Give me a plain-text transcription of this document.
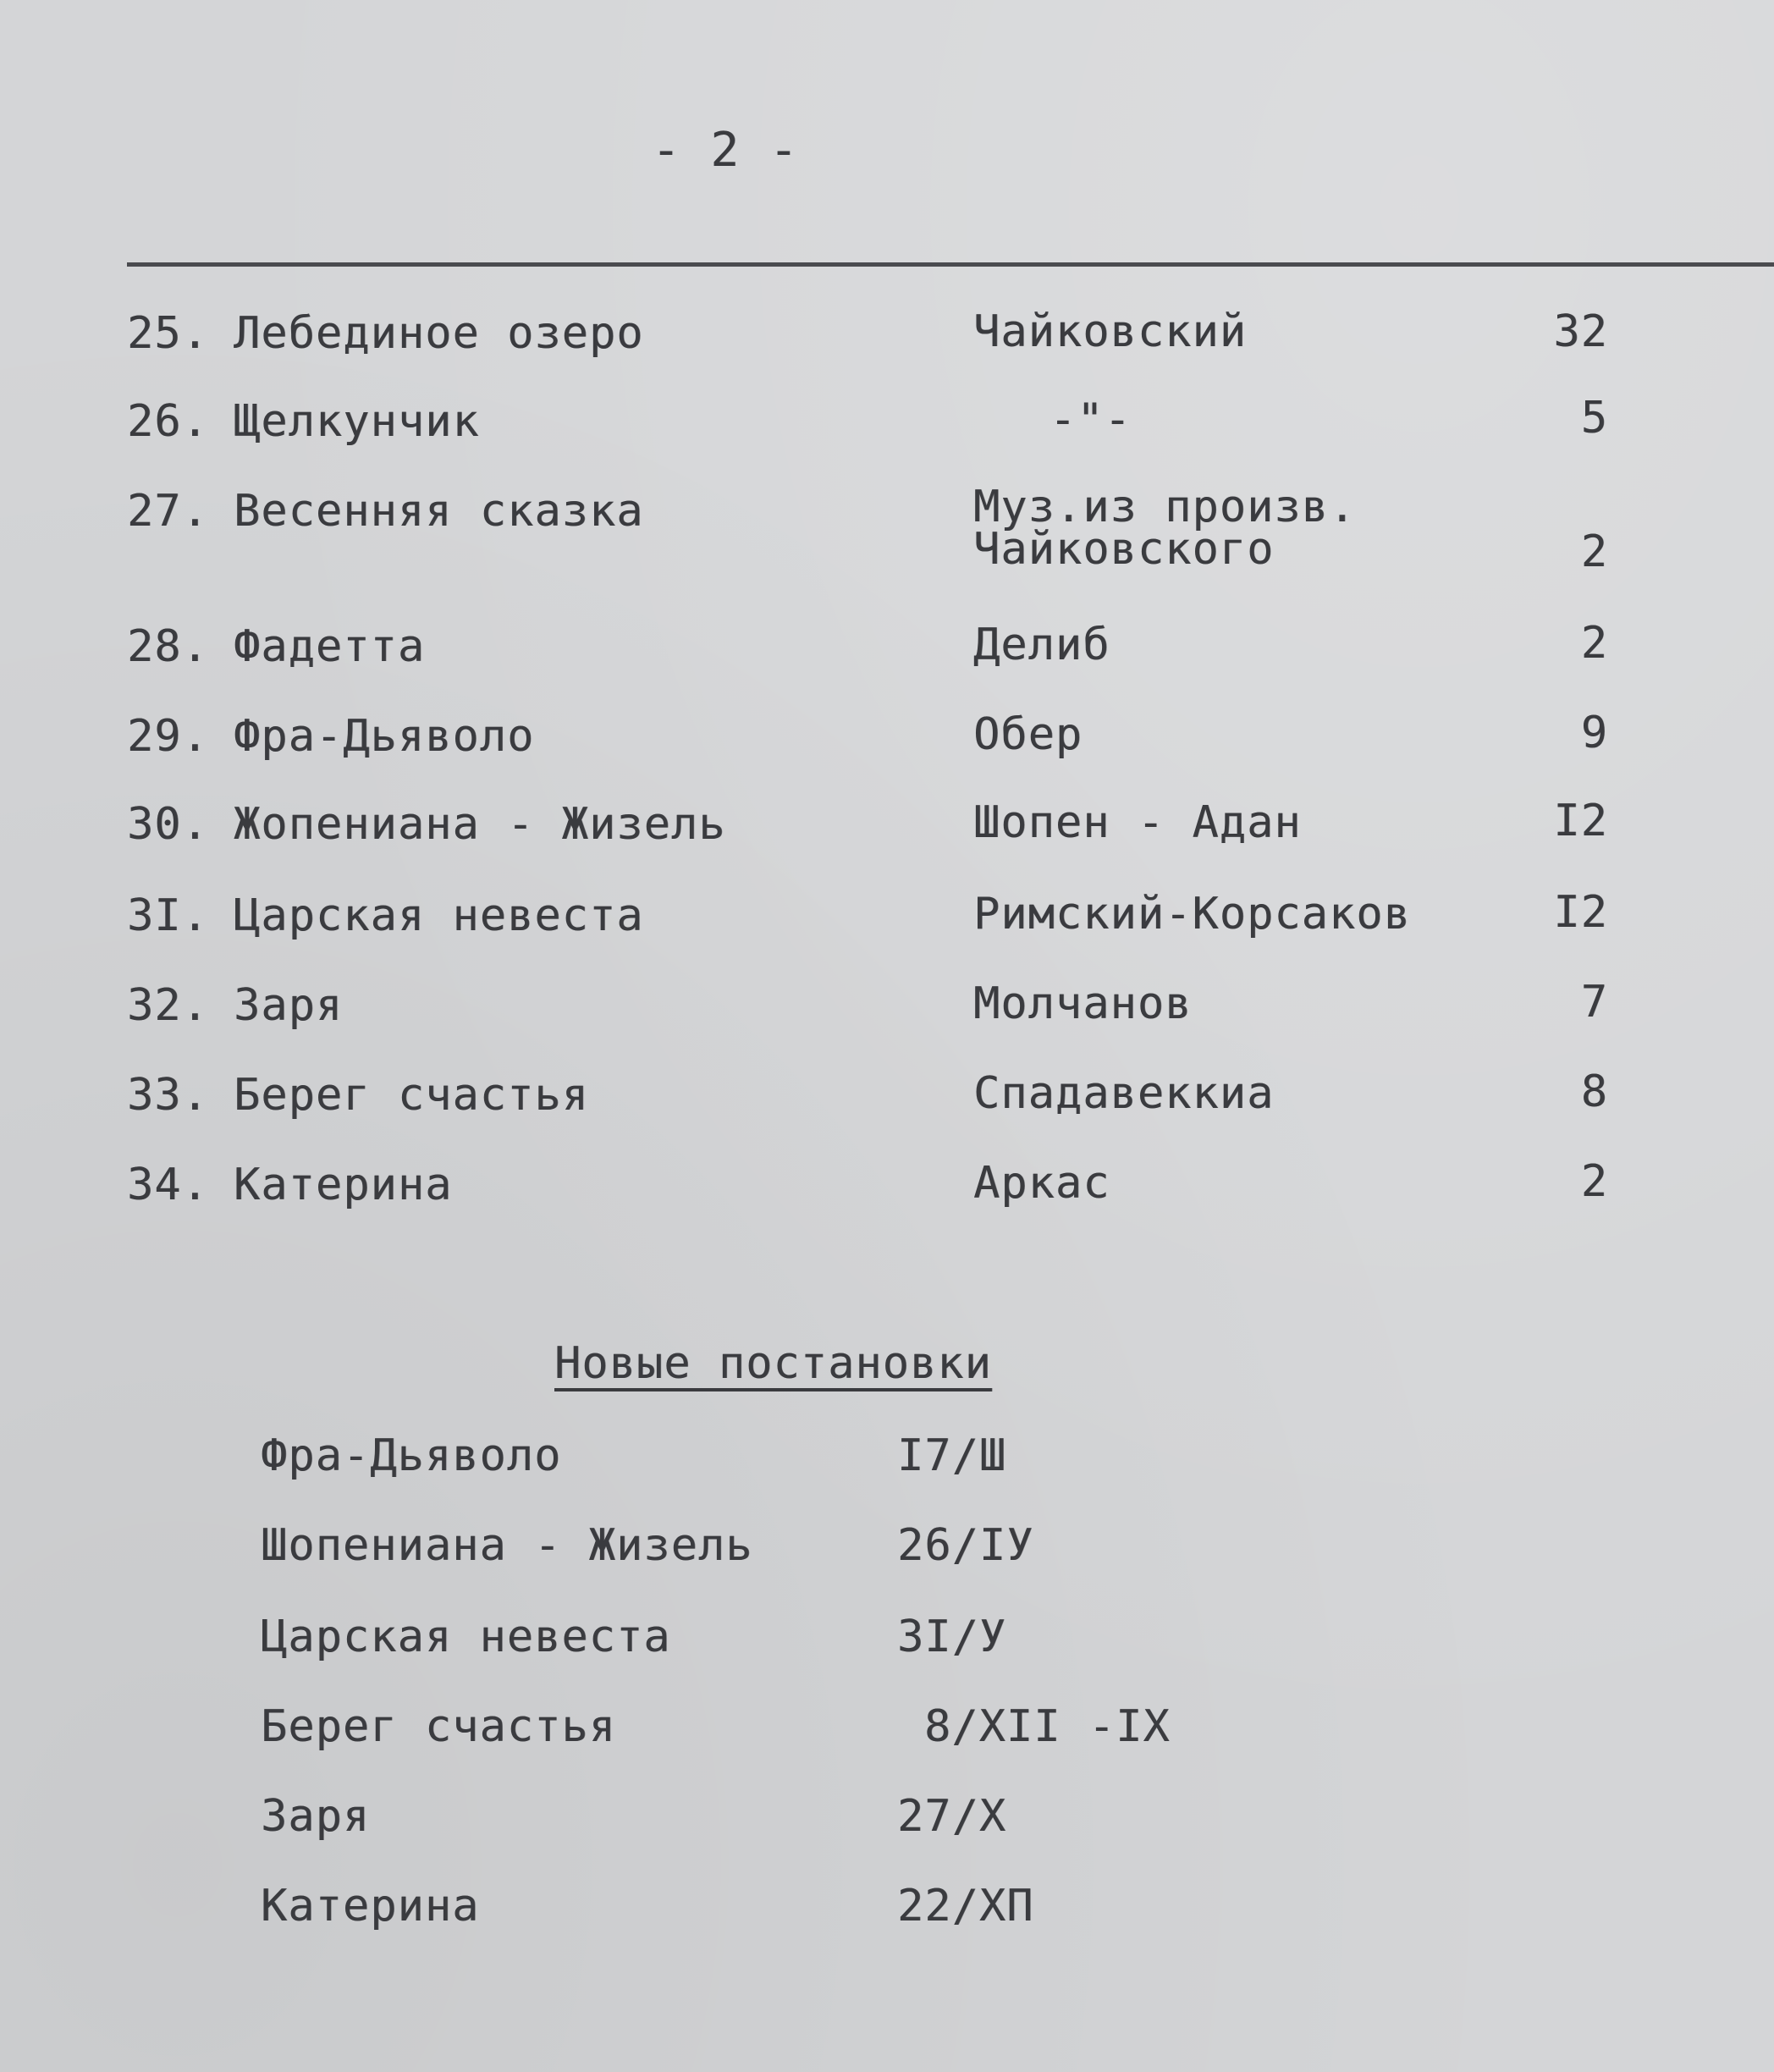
- 2 -
25. Лебединое озеро	Чайковский	32
26. Щелкунчик	-"-	5
27. Весенняя сказка	Муз.из произв.
Чайковского	2
28. Фадетта	Делиб	2
29. Фра-Дьяволо	Обер	9
30. Жопениана - Жизель	Шопен - Адан	I2
3I. Царская невеста	Римский-Корсаков	I2
32. Заря	Молчанов	7
33. Берег счастья	Спадавеккиа	8
34. Катерина	Аркас	2
Новые постановки
Фра-Дьяволо	I7/Ш
Шопениана - Жизель	26/IУ
Царская невеста	3I/У
Берег счастья	8/XII -IX
Заря	27/X
Катерина	22/XП
